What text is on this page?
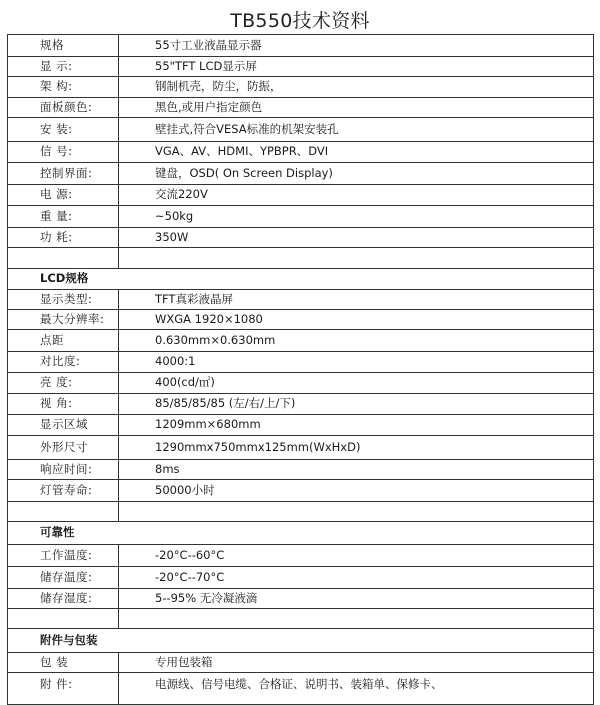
TB550技术资料
规格	55寸工业液晶显示器
显 示:	55"TFT LCD显示屏
架 构:	钢制机壳，防尘，防振，
面板颜色:	黑色,或用户指定颜色
安 装:	壁挂式,符合VESA标准的机架安装孔
信 号:	VGA、AV、HDMI、YPBPR、DVI
控制界面:	键盘，OSD( On Screen Display)
电 源:	交流220V
重 量:	~50kg
功 耗:	350W

LCD规格	
显示类型:	TFT真彩液晶屏
最大分辨率:	WXGA 1920×1080
点距	0.630mm×0.630mm
对比度:	4000:1
亮 度:	400(cd/㎡)
视 角:	85/85/85/85 (左/右/上/下)
显示区域	1209mm×680mm
外形尺寸	1290mmx750mmx125mm(WxHxD)
响应时间:	8ms
灯管寿命:	50000小时

可靠性	
工作温度:	-20°C--60°C
储存温度:	-20°C--70°C
储存湿度:	5--95% 无冷凝液滴

附件与包装	
包 装	专用包装箱
附 件:	电源线、信号电缆、合格证、说明书、装箱单、保修卡、
